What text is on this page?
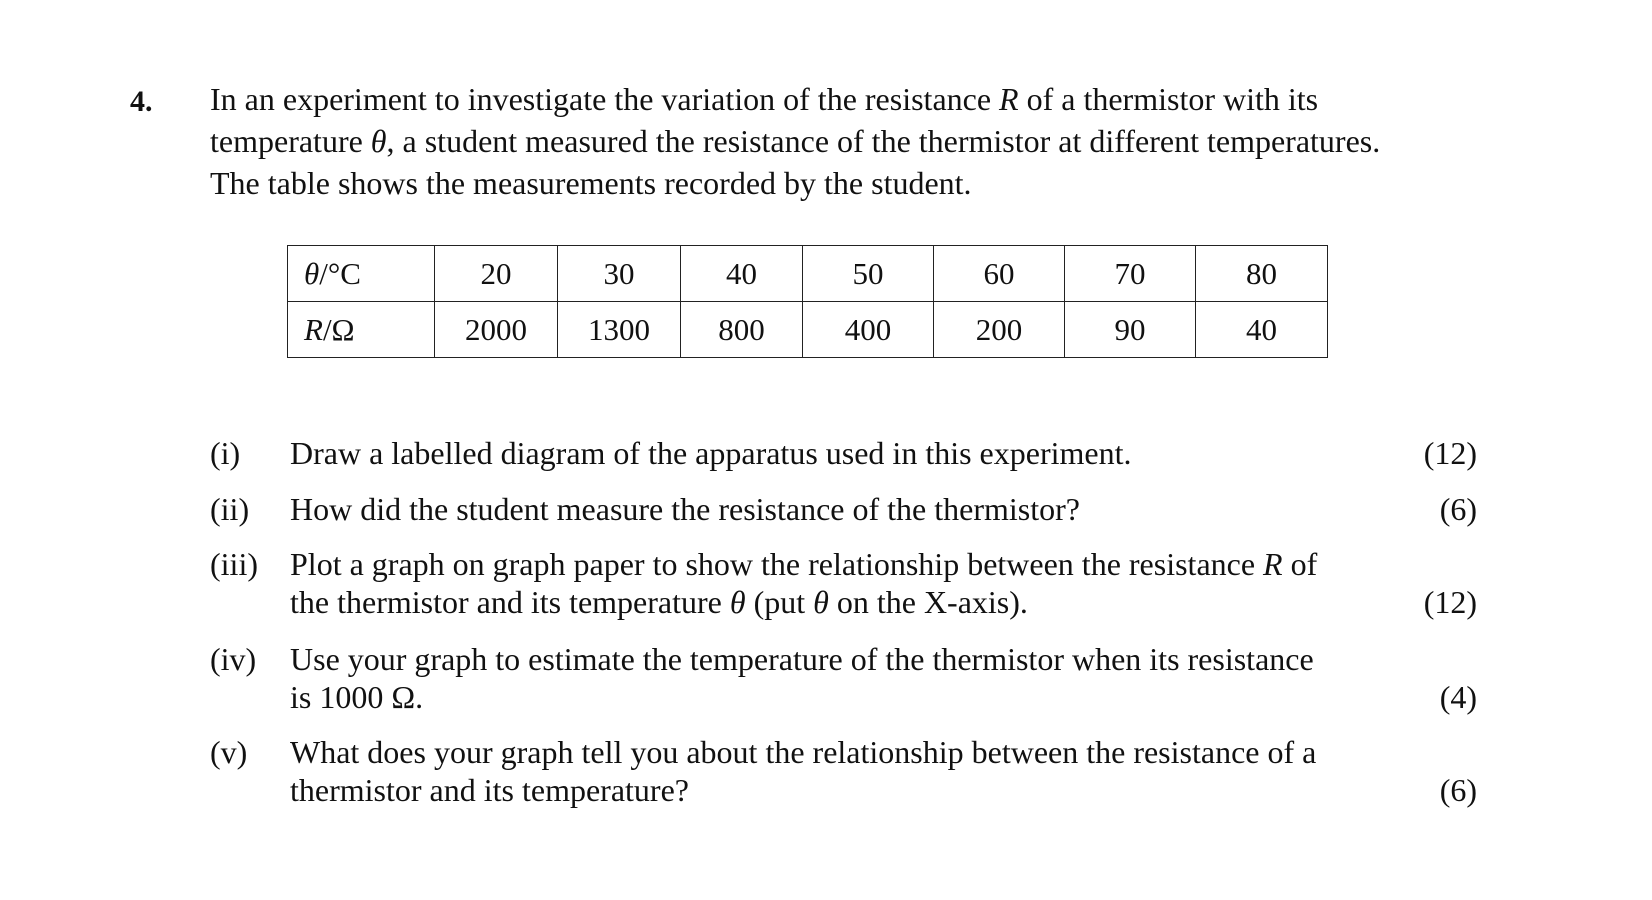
4. In an experiment to investigate the variation of the resistance R of a thermistor with its

temperature θ, a student measured the resistance of the thermistor at different temperatures.

The table shows the measurements recorded by the student.

θ/°C	20	30	40	50	60	70	80
R/Ω	2000	1300	800	400	200	90	40
(i) Draw a labelled diagram of the apparatus used in this experiment.	(12)
(ii) How did the student measure the resistance of the thermistor?	(6)
(iii) Plot a graph on graph paper to show the relationship between the resistance R of
the thermistor and its temperature θ (put θ on the X-axis).	(12)
(iv) Use your graph to estimate the temperature of the thermistor when its resistance
is 1000 Ω.	(4)
(v) What does your graph tell you about the relationship between the resistance of a
thermistor and its temperature?	(6)
